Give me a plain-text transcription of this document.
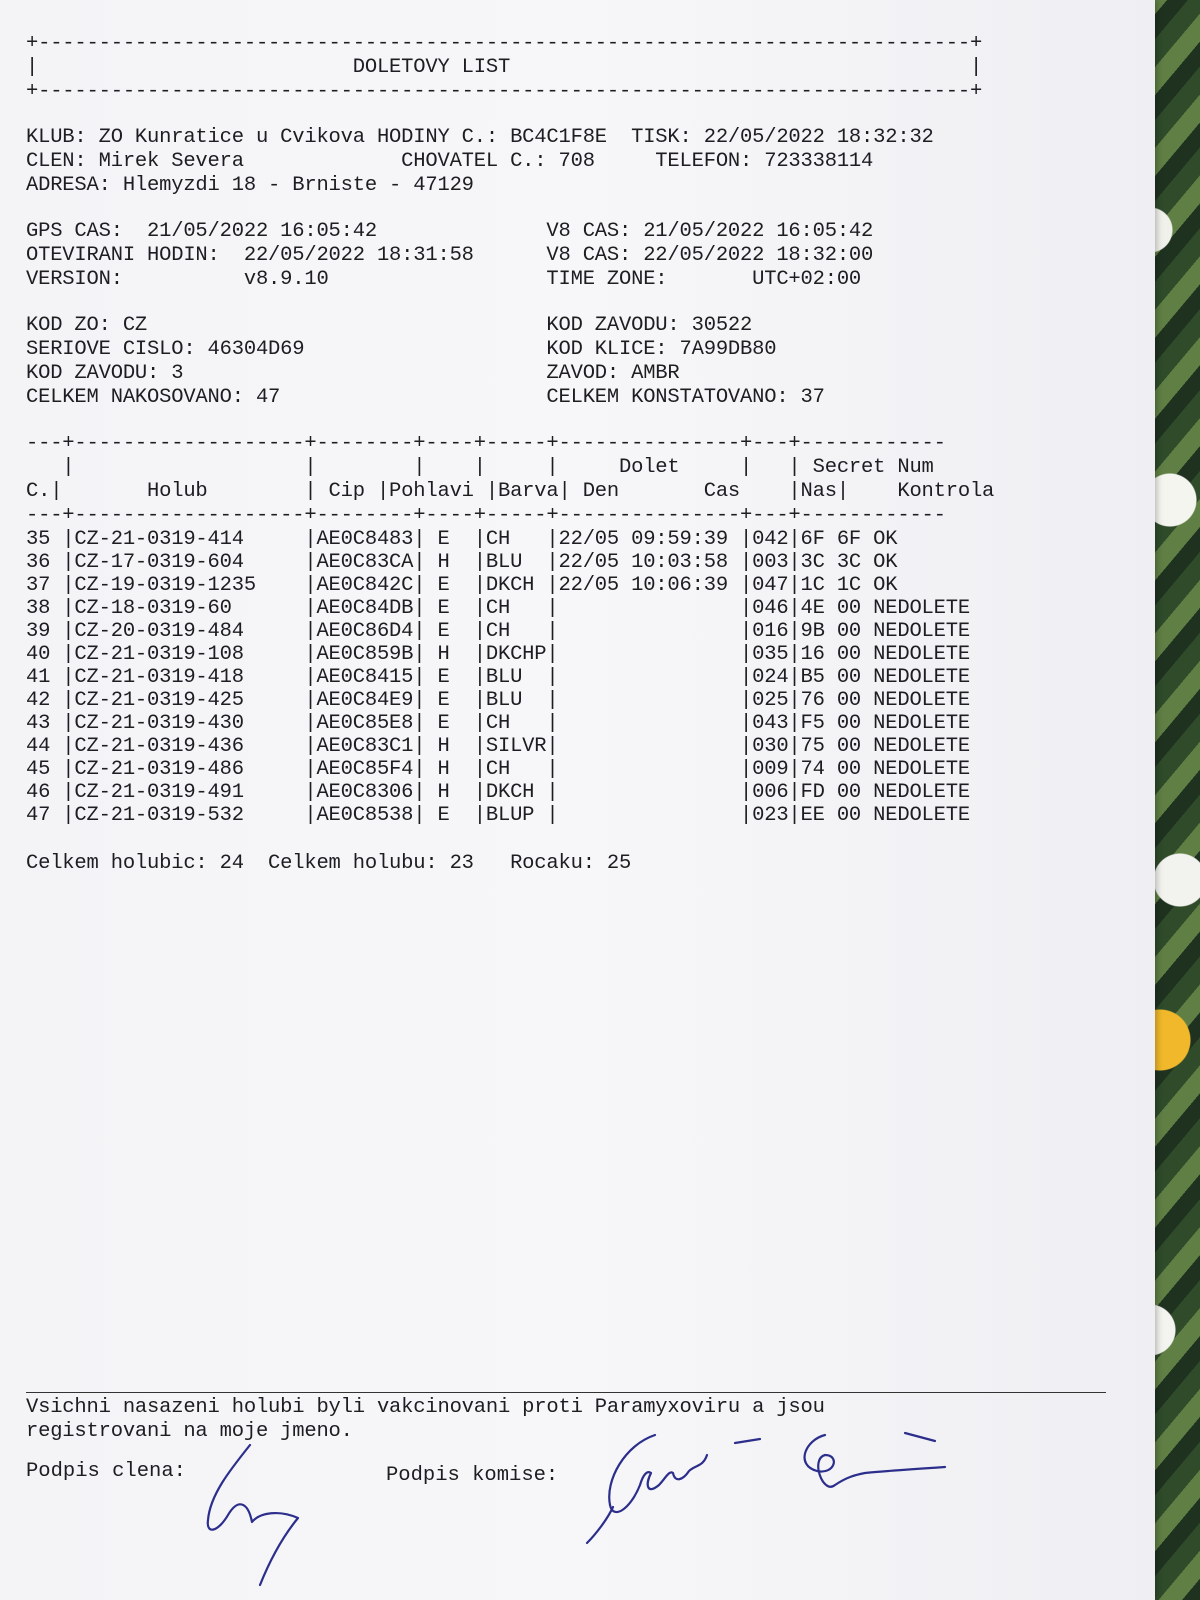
+-----------------------------------------------------------------------------+
|                          DOLETOVY LIST                                      |
+-----------------------------------------------------------------------------+
KLUB: ZO Kunratice u Cvikova HODINY C.: BC4C1F8E  TISK: 22/05/2022 18:32:32
CLEN: Mirek Severa             CHOVATEL C.: 708     TELEFON: 723338114
ADRESA: Hlemyzdi 18 - Brniste - 47129
GPS CAS:  21/05/2022 16:05:42              V8 CAS: 21/05/2022 16:05:42
OTEVIRANI HODIN:  22/05/2022 18:31:58      V8 CAS: 22/05/2022 18:32:00
VERSION:          v8.9.10                  TIME ZONE:       UTC+02:00
KOD ZO: CZ                                 KOD ZAVODU: 30522
SERIOVE CISLO: 46304D69                    KOD KLICE: 7A99DB80
KOD ZAVODU: 3                              ZAVOD: AMBR
CELKEM NAKOSOVANO: 47                      CELKEM KONSTATOVANO: 37
---+-------------------+--------+----+-----+---------------+---+------------
|                   |        |    |     |     Dolet     |   | Secret Num
C.|       Holub        | Cip |Pohlavi |Barva| Den       Cas    |Nas|    Kontrola
---+-------------------+--------+----+-----+---------------+---+------------
35 |CZ-21-0319-414     |AE0C8483| E  |CH   |22/05 09:59:39 |042|6F 6F OK
36 |CZ-17-0319-604     |AE0C83CA| H  |BLU  |22/05 10:03:58 |003|3C 3C OK
37 |CZ-19-0319-1235    |AE0C842C| E  |DKCH |22/05 10:06:39 |047|1C 1C OK
38 |CZ-18-0319-60      |AE0C84DB| E  |CH   |               |046|4E 00 NEDOLETE
39 |CZ-20-0319-484     |AE0C86D4| E  |CH   |               |016|9B 00 NEDOLETE
40 |CZ-21-0319-108     |AE0C859B| H  |DKCHP|               |035|16 00 NEDOLETE
41 |CZ-21-0319-418     |AE0C8415| E  |BLU  |               |024|B5 00 NEDOLETE
42 |CZ-21-0319-425     |AE0C84E9| E  |BLU  |               |025|76 00 NEDOLETE
43 |CZ-21-0319-430     |AE0C85E8| E  |CH   |               |043|F5 00 NEDOLETE
44 |CZ-21-0319-436     |AE0C83C1| H  |SILVR|               |030|75 00 NEDOLETE
45 |CZ-21-0319-486     |AE0C85F4| H  |CH   |               |009|74 00 NEDOLETE
46 |CZ-21-0319-491     |AE0C8306| H  |DKCH |               |006|FD 00 NEDOLETE
47 |CZ-21-0319-532     |AE0C8538| E  |BLUP |               |023|EE 00 NEDOLETE
Celkem holubic: 24  Celkem holubu: 23   Rocaku: 25
Vsichni nasazeni holubi byli vakcinovani proti Paramyxoviru a jsou
registrovani na moje jmeno.
Podpis clena:	Podpis komise:
